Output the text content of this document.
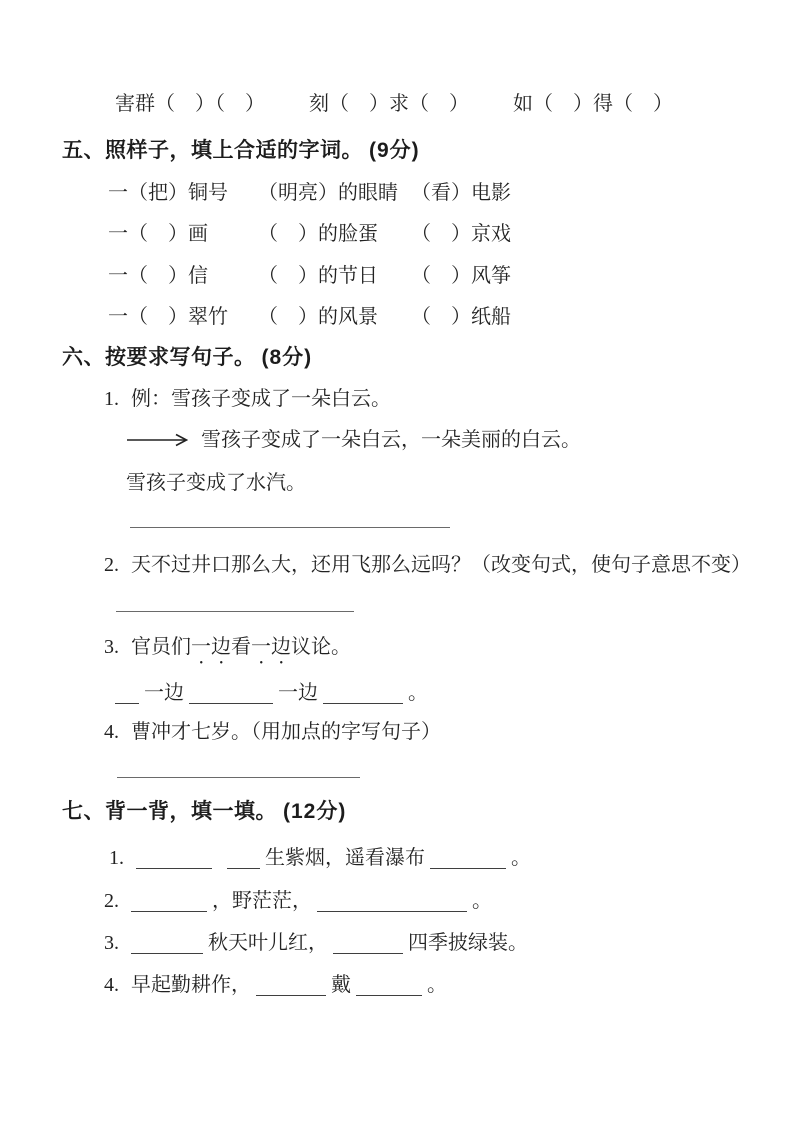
害群（　）（　） 刻（　）求（　） 如（　）得（　）
五、照样子，填上合适的字词。 (9分)
一（把）铜号 （明亮）的眼睛 （看）电影
一（　）画	（　）的脸蛋 （　）京戏
一（　）信	（　）的节日 （　）风筝
一（　）翠竹 （　）的风景 （　）纸船
六、按要求写句子。 (8分)
1. 例：雪孩子变成了一朵白云。
雪孩子变成了一朵白云，一朵美丽的白云。
雪孩子变成了水汽。
2. 天不过井口那么大，还用飞那么远吗？（改变句式，使句子意思不变）
3. 官员们一边看一边议论。
一边	一边	。
4. 曹冲才七岁。（用加点的字写句子）
七、背一背，填一填。 (12分)
1.	生紫烟，遥看瀑布	。
2.	，野茫茫，	。
3.	秋天叶儿红，	四季披绿装。
4. 早起勤耕作，	戴	。
